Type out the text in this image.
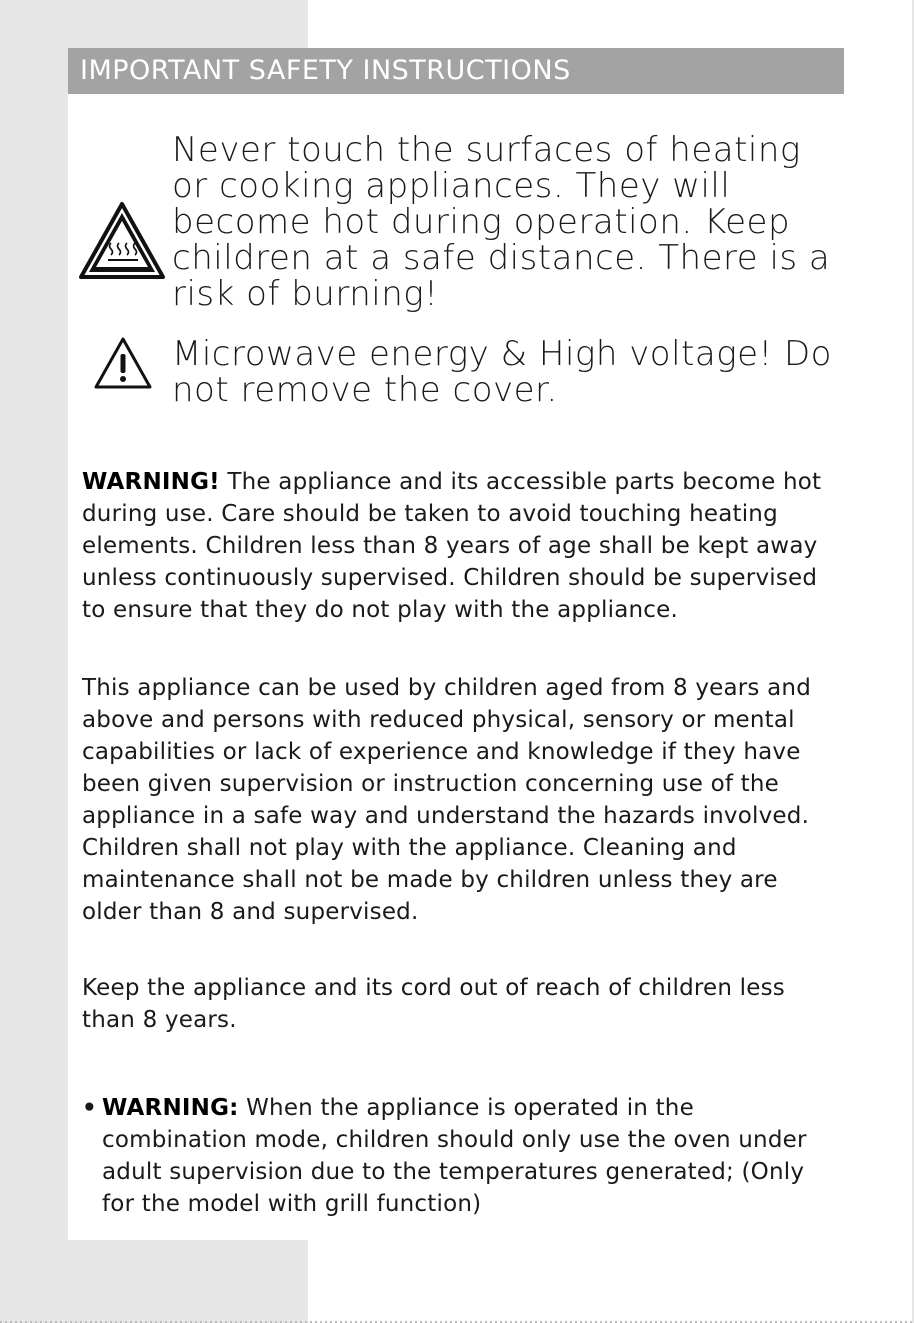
IMPORTANT SAFETY INSTRUCTIONS
Never touch the surfaces of heating or cooking appliances. They will become hot during operation. Keep children at a safe distance. There is a risk of burning!
Microwave energy & High voltage! Do not remove the cover.
WARNING! The appliance and its accessible parts become hot during use. Care should be taken to avoid touching heating elements. Children less than 8 years of age shall be kept away unless continuously supervised. Children should be supervised to ensure that they do not play with the appliance.
This appliance can be used by children aged from 8 years and above and persons with reduced physical, sensory or mental capabilities or lack of experience and knowledge if they have been given supervision or instruction concerning use of the appliance in a safe way and understand the hazards involved. Children shall not play with the appliance. Cleaning and maintenance shall not be made by children unless they are older than 8 and supervised.
Keep the appliance and its cord out of reach of children less than 8 years.
• WARNING: When the appliance is operated in the combination mode, children should only use the oven under adult supervision due to the temperatures generated; (Only for the model with grill function)
